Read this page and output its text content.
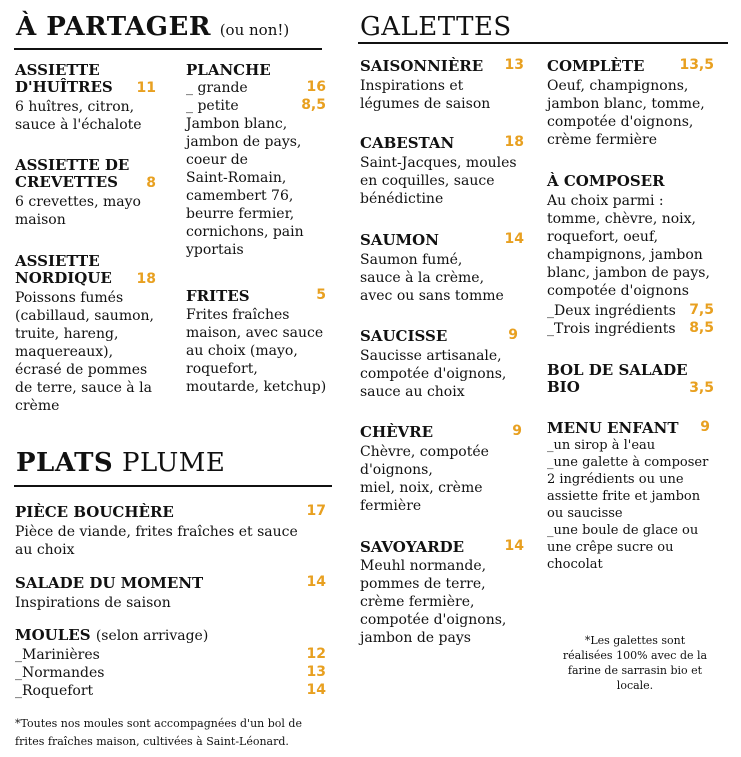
À PARTAGER (ou non!)
ASSIETTE
D'HUÎTRES	11
6 huîtres, citron,
sauce à l'échalote
ASSIETTE DE
CREVETTES	8
6 crevettes, mayo
maison
ASSIETTE
NORDIQUE	18
Poissons fumés
(cabillaud, saumon,
truite, hareng,
maquereaux),
écrasé de pommes
de terre, sauce à la
crème
PLANCHE
_ grande	16
_ petite	8,5
Jambon blanc,
jambon de pays,
coeur de
Saint-Romain,
camembert 76,
beurre fermier,
cornichons, pain
yportais
FRITES	5
Frites fraîches
maison, avec sauce
au choix (mayo,
roquefort,
moutarde, ketchup)
PLATS PLUME
PIÈCE BOUCHÈRE	17
Pièce de viande, frites fraîches et sauce
au choix
SALADE DU MOMENT	14
Inspirations de saison
MOULES (selon arrivage)
_Marinières	12
_Normandes	13
_Roquefort	14
*Toutes nos moules sont accompagnées d'un bol de
frites fraîches maison, cultivées à Saint-Léonard.
GALETTES
SAISONNIÈRE	13
Inspirations et
légumes de saison
CABESTAN	18
Saint-Jacques, moules
en coquilles, sauce
bénédictine
SAUMON	14
Saumon fumé,
sauce à la crème,
avec ou sans tomme
SAUCISSE	9
Saucisse artisanale,
compotée d'oignons,
sauce au choix
CHÈVRE	9
Chèvre, compotée
d'oignons,
miel, noix, crème
fermière
SAVOYARDE	14
Meuhl normande,
pommes de terre,
crème fermière,
compotée d'oignons,
jambon de pays
COMPLÈTE	13,5
Oeuf, champignons,
jambon blanc, tomme,
compotée d'oignons,
crème fermière
À COMPOSER
Au choix parmi :
tomme, chèvre, noix,
roquefort, oeuf,
champignons, jambon
blanc, jambon de pays,
compotée d'oignons
_Deux ingrédients 7,5
_Trois ingrédients 8,5
BOL DE SALADE
BIO	3,5
MENU ENFANT	9
_un sirop à l'eau
_une galette à composer
2 ingrédients ou une
assiette frite et jambon
ou saucisse
_une boule de glace ou
une crêpe sucre ou
chocolat
*Les galettes sont
réalisées 100% avec de la
farine de sarrasin bio et
locale.
